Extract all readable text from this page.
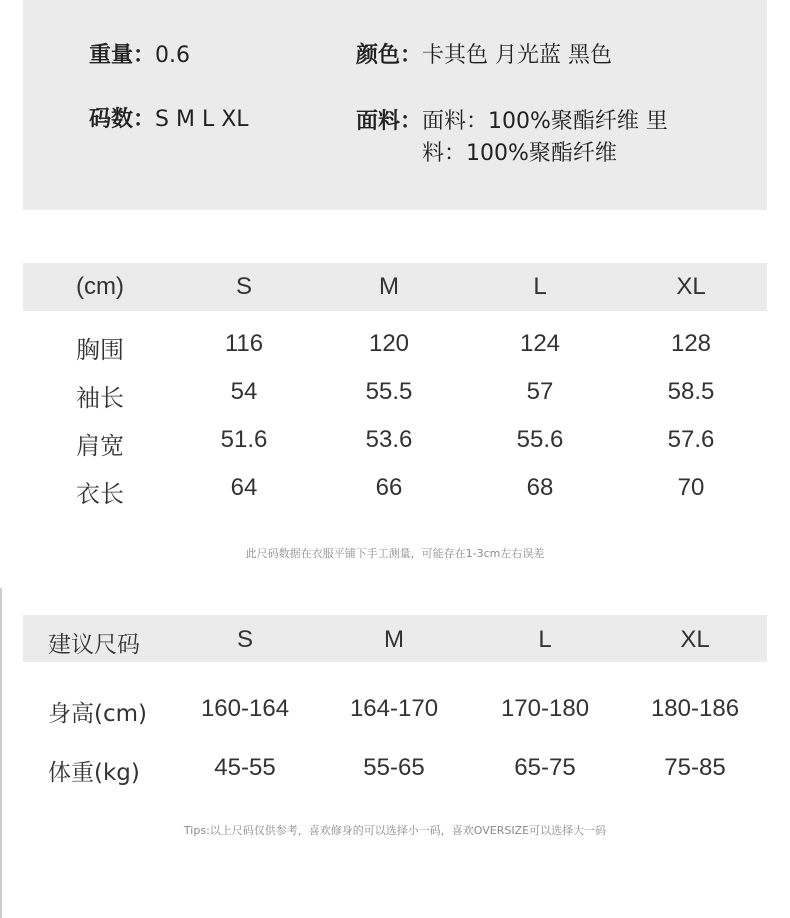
重量：0.6
码数：S M L XL
颜色：卡其色 月光蓝 黑色
面料： 面料：100%聚酯纤维 里料：100%聚酯纤维
此尺码数据在衣服平铺下手工测量，可能存在1-3cm左右误差
Tips:以上尺码仅供参考，喜欢修身的可以选择小一码，喜欢OVERSIZE可以选择大一码
(cm)	S	M	L	XL
胸围	116	120	124	128
袖长	54	55.5	57	58.5
肩宽	51.6	53.6	55.6	57.6
衣长	64	66	68	70
建议尺码	S	M	L	XL
身高(cm) 160-164	164-170	170-180	180-186
体重(kg)	45-55	55-65	65-75	75-85
